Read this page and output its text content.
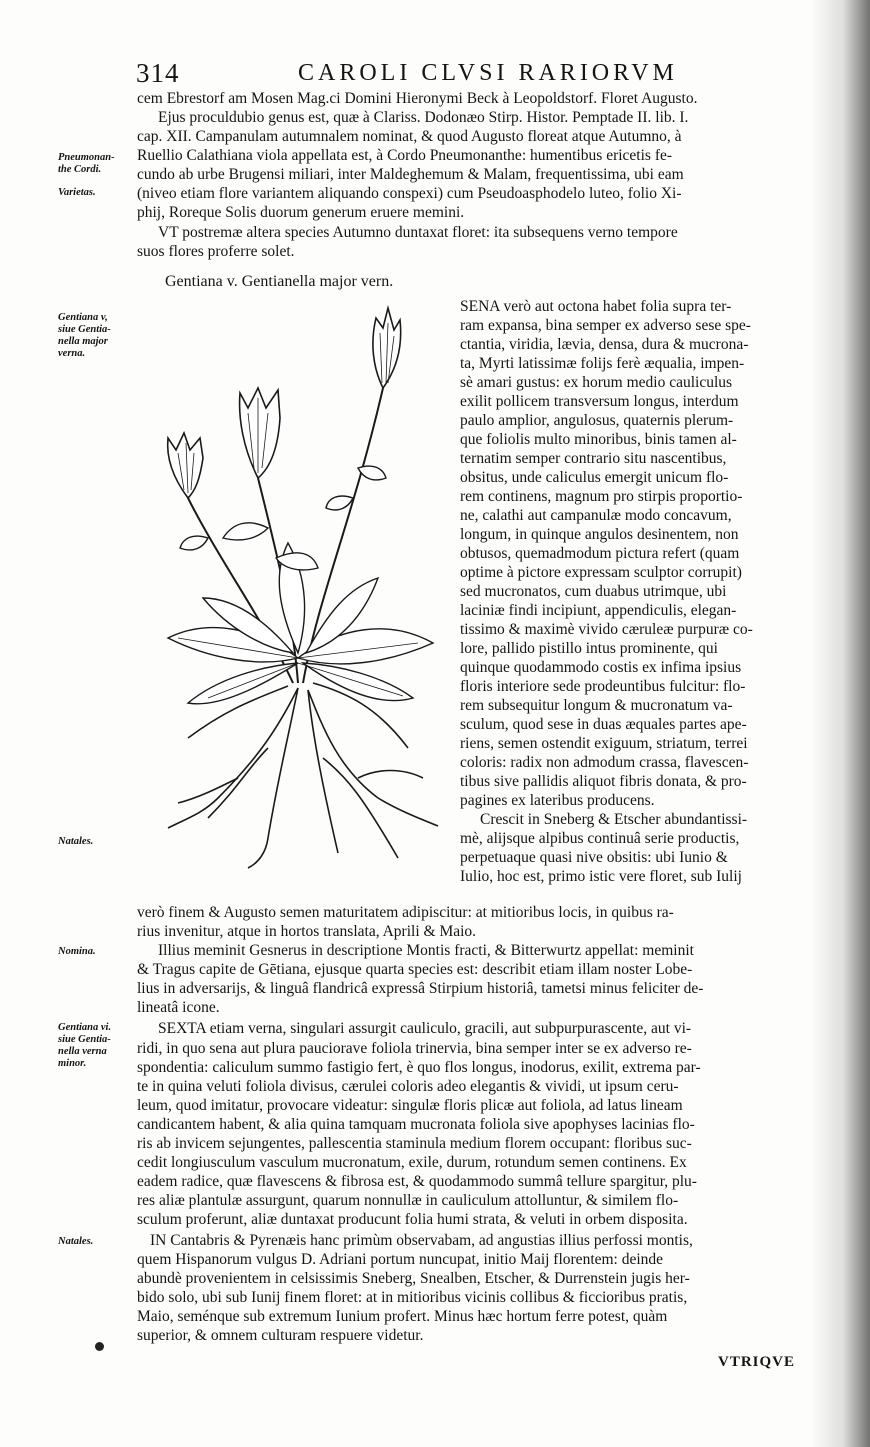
314	CAROLI CLVSI RARIORVM
cem Ebrestorf am Mosen Mag.ci Domini Hieronymi Beck à Leopoldstorf. Floret Augusto.
Ejus proculdubio genus est, quæ à Clariss. Dodonæo Stirp. Histor. Pemptade II. lib. I.
cap. XII. Campanulam autumnalem nominat, & quod Augusto floreat atque Autumno, à
Ruellio Calathiana viola appellata est, à Cordo Pneumonanthe: humentibus ericetis fe-
cundo ab urbe Brugensi miliari, inter Maldeghemum & Malam, frequentissima, ubi eam
(niveo etiam flore variantem aliquando conspexi) cum Pseudoasphodelo luteo, folio Xi-
phij, Roreque Solis duorum generum eruere memini.
VT postremæ altera species Autumno duntaxat floret: ita subsequens verno tempore
suos flores proferre solet.
Pneumonan-
the Cordi.
Varietas.
Gentiana v. Gentianella major vern.
Gentiana v,
siue Gentia-
nella major
verna.
SENA verò aut octona habet folia supra ter-
ram expansa, bina semper ex adverso sese spe-
ctantia, viridia, lævia, densa, dura & mucrona-
ta, Myrti latissimæ folijs ferè æqualia, impen-
sè amari gustus: ex horum medio cauliculus
exilit pollicem transversum longus, interdum
paulo amplior, angulosus, quaternis plerum-
que foliolis multo minoribus, binis tamen al-
ternatim semper contrario situ nascentibus,
obsitus, unde caliculus emergit unicum flo-
rem continens, magnum pro stirpis proportio-
ne, calathi aut campanulæ modo concavum,
longum, in quinque angulos desinentem, non
obtusos, quemadmodum pictura refert (quam
optime à pictore expressam sculptor corrupit)
sed mucronatos, cum duabus utrimque, ubi
laciniæ findi incipiunt, appendiculis, elegan-
tissimo & maximè vivido cæruleæ purpuræ co-
lore, pallido pistillo intus prominente, qui
quinque quodammodo costis ex infima ipsius
floris interiore sede prodeuntibus fulcitur: flo-
rem subsequitur longum & mucronatum va-
sculum, quod sese in duas æquales partes ape-
riens, semen ostendit exiguum, striatum, terrei
coloris: radix non admodum crassa, flavescen-
tibus sive pallidis aliquot fibris donata, & pro-
pagines ex lateribus producens.
Crescit in Sneberg & Etscher abundantissi-
mè, alijsque alpibus continuâ serie productis,
perpetuaque quasi nive obsitis: ubi Iunio &
Iulio, hoc est, primo istic vere floret, sub Iulij
Natales.
verò finem & Augusto semen maturitatem adipiscitur: at mitioribus locis, in quibus ra-
rius invenitur, atque in hortos translata, Aprili & Maio.
Illius meminit Gesnerus in descriptione Montis fracti, & Bitterwurtz appellat: meminit
& Tragus capite de Gētiana, ejusque quarta species est: describit etiam illam noster Lobe-
lius in adversarijs, & linguâ flandricâ expressâ Stirpium historiâ, tametsi minus feliciter de-
lineatâ icone.
SEXTA etiam verna, singulari assurgit cauliculo, gracili, aut subpurpurascente, aut vi-
ridi, in quo sena aut plura pauciorave foliola trinervia, bina semper inter se ex adverso re-
spondentia: caliculum summo fastigio fert, è quo flos longus, inodorus, exilit, extrema par-
te in quina veluti foliola divisus, cærulei coloris adeo elegantis & vividi, ut ipsum ceru-
leum, quod imitatur, provocare videatur: singulæ floris plicæ aut foliola, ad latus lineam
candicantem habent, & alia quina tamquam mucronata foliola sive apophyses lacinias flo-
ris ab invicem sejungentes, pallescentia staminula medium florem occupant: floribus suc-
cedit longiusculum vasculum mucronatum, exile, durum, rotundum semen continens. Ex
eadem radice, quæ flavescens & fibrosa est, & quodammodo summâ tellure spargitur, plu-
res aliæ plantulæ assurgunt, quarum nonnullæ in cauliculum attolluntur, & similem flo-
sculum proferunt, aliæ duntaxat producunt folia humi strata, & veluti in orbem disposita.
IN Cantabris & Pyrenæis hanc primùm observabam, ad angustias illius perfossi montis,
quem Hispanorum vulgus D. Adriani portum nuncupat, initio Maij florentem: deinde
abundè provenientem in celsissimis Sneberg, Snealben, Etscher, & Durrenstein jugis her-
bido solo, ubi sub Iunij finem floret: at in mitioribus vicinis collibus & ficcioribus pratis,
Maio, seménque sub extremum Iunium profert. Minus hæc hortum ferre potest, quàm
superior, & omnem culturam respuere videtur.
Nomina.
Gentiana vi.
siue Gentia-
nella verna
minor.
Natales.
VTRIQVE
